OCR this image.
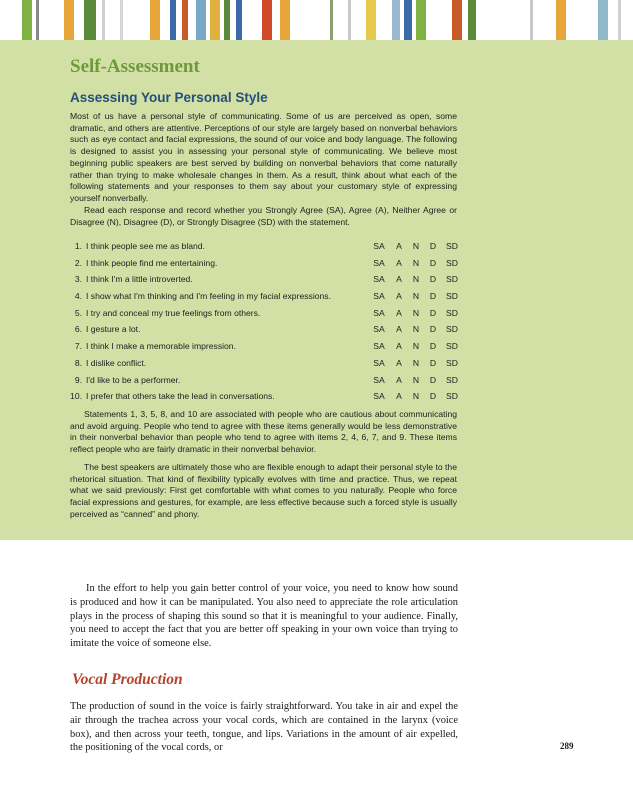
Self-Assessment
Assessing Your Personal Style

Most of us have a personal style of communicating. Some of us are perceived as open, some dramatic, and others are attentive. Perceptions of our style are largely based on nonverbal behaviors such as eye contact and facial expressions, the sound of our voice and body language. The following is designed to assist you in assessing your personal style of communicating. We believe most beginning public speakers are best served by building on nonverbal behaviors that come naturally rather than trying to make wholesale changes in them. As a result, think about what each of the following statements and your responses to them say about your customary style of expressing yourself nonverbally.

Read each response and record whether you Strongly Agree (SA), Agree (A), Neither Agree or Disagree (N), Disagree (D), or Strongly Disagree (SD) with the statement.

1. I think people see me as bland.	SA	A	N	D	SD
2. I think people find me entertaining.	SA	A	N	D	SD
3. I think I'm a little introverted.	SA	A	N	D	SD
4. I show what I'm thinking and I'm feeling in my facial expressions.	SA	A	N	D	SD
5. I try and conceal my true feelings from others.	SA	A	N	D	SD
6. I gesture a lot.	SA	A	N	D	SD
7. I think I make a memorable impression.	SA	A	N	D	SD
8. I dislike conflict.	SA	A	N	D	SD
9. I'd like to be a performer.	SA	A	N	D	SD
10. I prefer that others take the lead in conversations.	SA	A	N	D	SD

Statements 1, 3, 5, 8, and 10 are associated with people who are cautious about communicating and avoid arguing. People who tend to agree with these items generally would be less demonstrative in their nonverbal behavior than people who tend to agree with items 2, 4, 6, 7, and 9. These items reflect people who are fairly dramatic in their nonverbal behavior.

The best speakers are ultimately those who are flexible enough to adapt their personal style to the rhetorical situation. That kind of flexibility typically evolves with time and practice. Thus, we repeat what we said previously: First get comfortable with what comes to you naturally. People who force facial expressions and gestures, for example, are less effective because such a forced style is usually perceived as “canned” and phony.

In the effort to help you gain better control of your voice, you need to know how sound is produced and how it can be manipulated. You also need to appreciate the role articulation plays in the process of shaping this sound so that it is meaningful to your audience. Finally, you need to accept the fact that you are better off speaking in your own voice than trying to imitate the voice of someone else.

Vocal Production

The production of sound in the voice is fairly straightforward. You take in air and expel the air through the trachea across your vocal cords, which are contained in the larynx (voice box), and then across your teeth, tongue, and lips. Variations in the amount of air expelled, the positioning of the vocal cords, or	289
